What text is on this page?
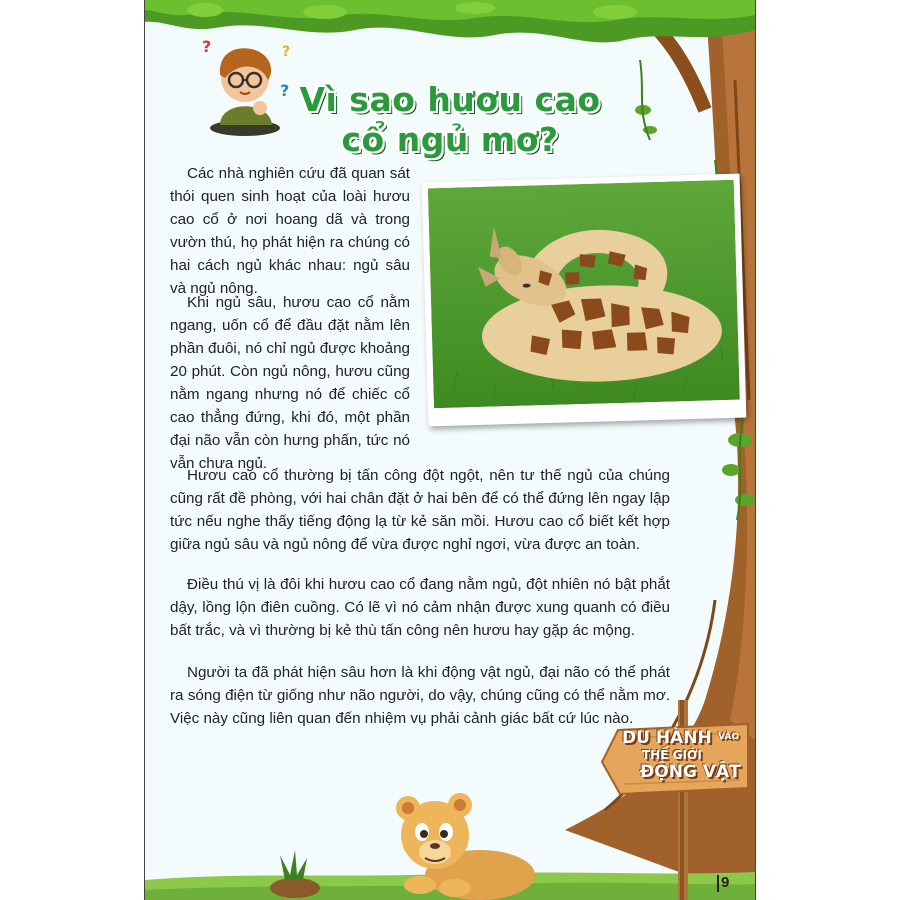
?	?
? Vì sao hươu cao cổ ngủ mơ?

Các nhà nghiên cứu đã quan sát thói quen sinh hoạt của loài hươu cao cổ ở nơi hoang dã và trong vườn thú, họ phát hiện ra chúng có hai cách ngủ khác nhau: ngủ sâu và ngủ nông.

Khi ngủ sâu, hươu cao cổ nằm ngang, uốn cổ để đầu đặt nằm lên phần đuôi, nó chỉ ngủ được khoảng 20 phút. Còn ngủ nông, hươu cũng nằm ngang nhưng nó để chiếc cổ cao thẳng đứng, khi đó, một phần đại não vẫn còn hưng phấn, tức nó vẫn chưa ngủ.

Hươu cao cổ thường bị tấn công đột ngột, nên tư thế ngủ của chúng cũng rất đề phòng, với hai chân đặt ở hai bên để có thể đứng lên ngay lập tức nếu nghe thấy tiếng động lạ từ kẻ săn mồi. Hươu cao cổ biết kết hợp giữa ngủ sâu và ngủ nông để vừa được nghỉ ngơi, vừa được an toàn.

Điều thú vị là đôi khi hươu cao cổ đang nằm ngủ, đột nhiên nó bật phắt dậy, lồng lộn điên cuồng. Có lẽ vì nó cảm nhận được xung quanh có điều bất trắc, và vì thường bị kẻ thù tấn công nên hươu hay gặp ác mộng.

Người ta đã phát hiện sâu hơn là khi động vật ngủ, đại não có thể phát ra sóng điện từ giống như não người, do vậy, chúng cũng có thể nằm mơ. Việc này cũng liên quan đến nhiệm vụ phải cảnh giác bất cứ lúc nào.

DU HÀNH VÀO
THẾ GIỚI
ĐỘNG VẬT
9
